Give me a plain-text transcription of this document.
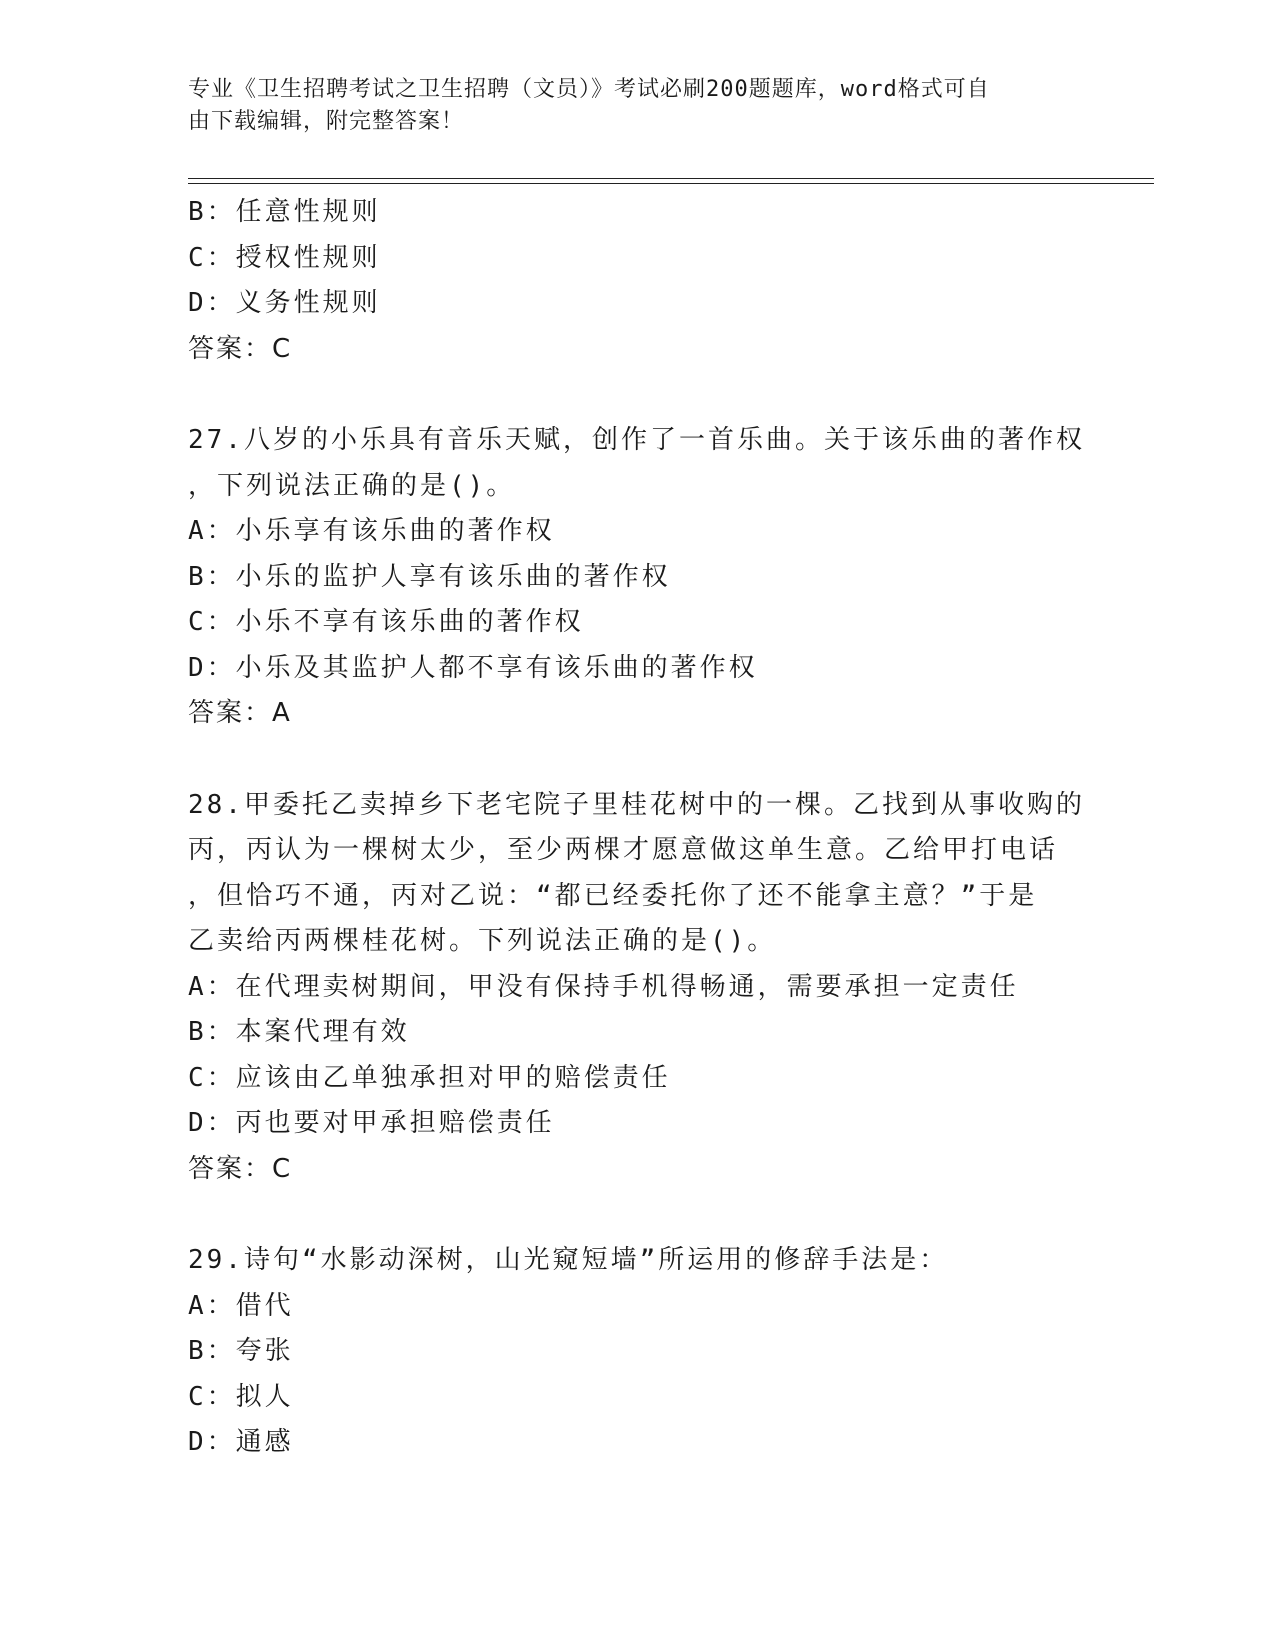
专业《卫生招聘考试之卫生招聘（文员）》考试必刷200题题库，word格式可自
由下载编辑，附完整答案！
B：任意性规则
C：授权性规则
D：义务性规则
答案：C
27.八岁的小乐具有音乐天赋，创作了一首乐曲。关于该乐曲的著作权
，下列说法正确的是()。
A：小乐享有该乐曲的著作权
B：小乐的监护人享有该乐曲的著作权
C：小乐不享有该乐曲的著作权
D：小乐及其监护人都不享有该乐曲的著作权
答案：A
28.甲委托乙卖掉乡下老宅院子里桂花树中的一棵。乙找到从事收购的
丙，丙认为一棵树太少，至少两棵才愿意做这单生意。乙给甲打电话
，但恰巧不通，丙对乙说：“都已经委托你了还不能拿主意？”于是
乙卖给丙两棵桂花树。下列说法正确的是()。
A：在代理卖树期间，甲没有保持手机得畅通，需要承担一定责任
B：本案代理有效
C：应该由乙单独承担对甲的赔偿责任
D：丙也要对甲承担赔偿责任
答案：C
29.诗句“水影动深树，山光窥短墙”所运用的修辞手法是：
A：借代
B：夸张
C：拟人
D：通感
